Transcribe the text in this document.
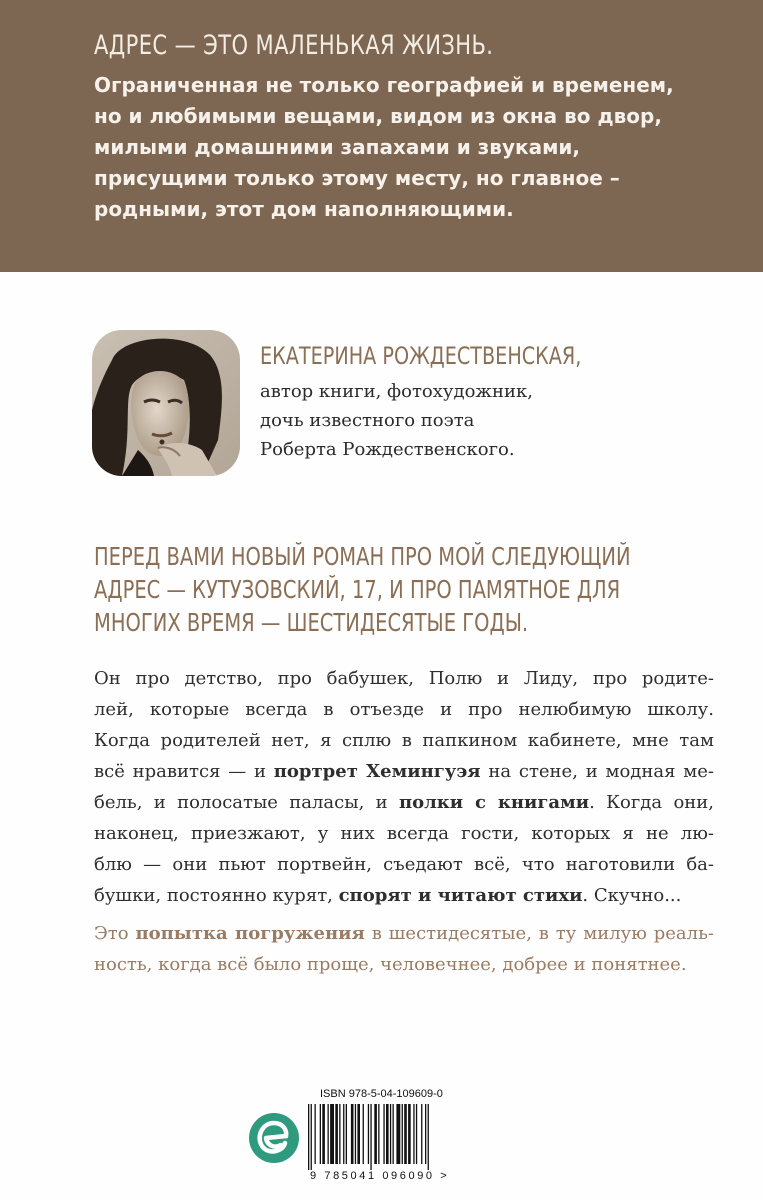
АДРЕС — ЭТО МАЛЕНЬКАЯ ЖИЗНЬ.
Ограниченная не только географией и временем,
но и любимыми вещами, видом из окна во двор,
милыми домашними запахами и звуками,
присущими только этому месту, но главное –
родными, этот дом наполняющими.
ЕКАТЕРИНА РОЖДЕСТВЕНСКАЯ,
автор книги, фотохудожник,
дочь известного поэта
Роберта Рождественского.
ПЕРЕД ВАМИ НОВЫЙ РОМАН ПРО МОЙ СЛЕДУЮЩИЙ
АДРЕС — КУТУЗОВСКИЙ, 17, И ПРО ПАМЯТНОЕ ДЛЯ
МНОГИХ ВРЕМЯ — ШЕСТИДЕСЯТЫЕ ГОДЫ.
Он про детство, про бабушек, Полю и Лиду, про родите-
лей, которые всегда в отъезде и про нелюбимую школу.
Когда родителей нет, я сплю в папкином кабинете, мне там
всё нравится — и портрет Хемингуэя на стене, и модная ме-
бель, и полосатые паласы, и полки с книгами. Когда они,
наконец, приезжают, у них всегда гости, которых я не лю-
блю — они пьют портвейн, съедают всё, что наготовили ба-
бушки, постоянно курят, спорят и читают стихи. Скучно...
Это попытка погружения в шестидесятые, в ту милую реаль-
ность, когда всё было проще, человечнее, добрее и понятнее.
ISBN 978-5-04-109609-0
9 785041 096090 >
